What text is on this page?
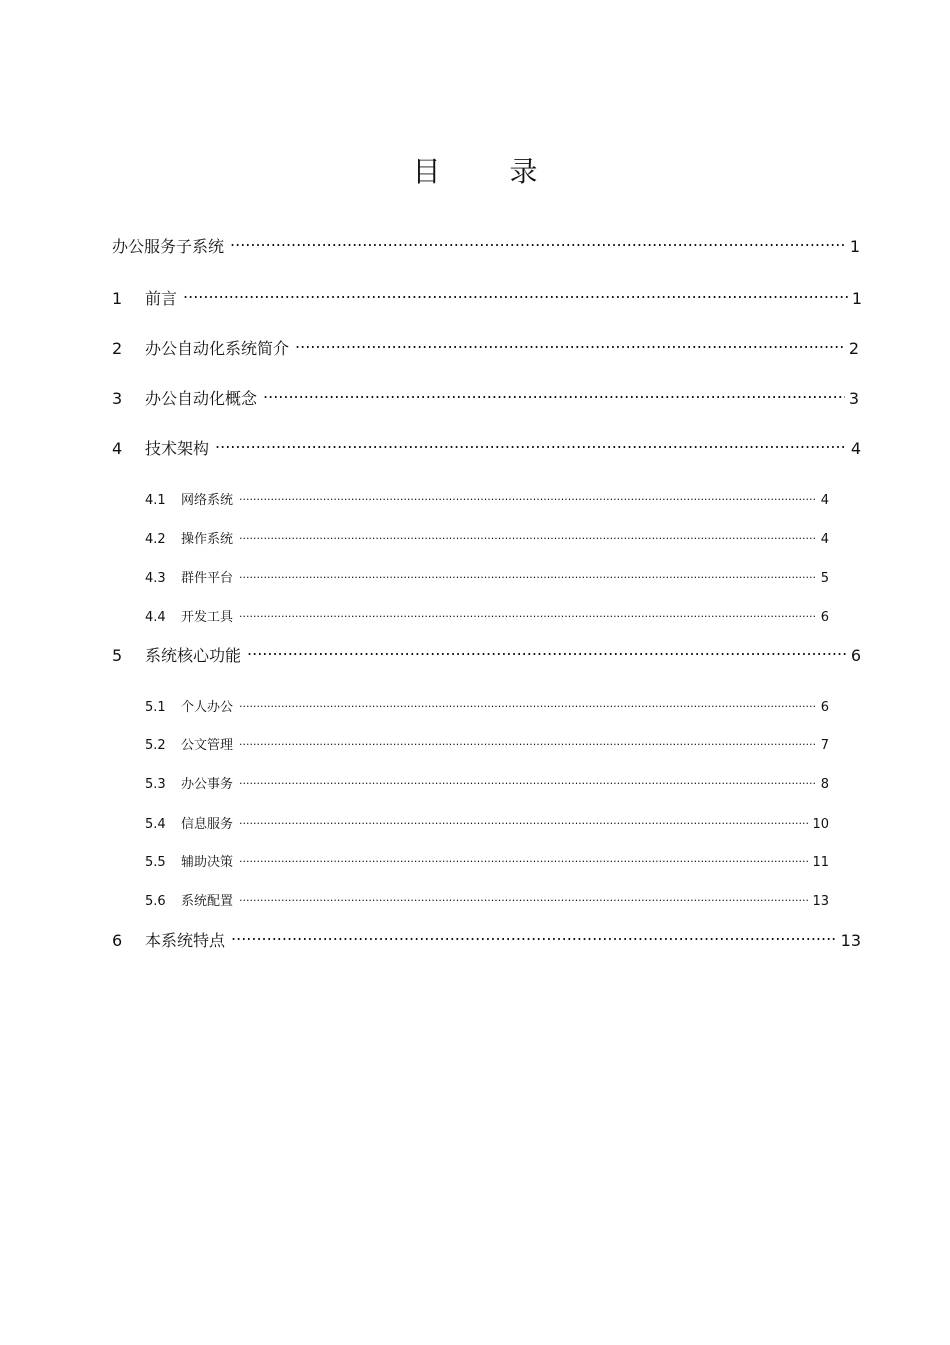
目 录
办公服务子系统 .....	1
1	前言 .....	1
2	办公自动化系统简介 .....	2
3	办公自动化概念 .....	3
4	技术架构 .....	4
4.1	网络系统 .....	4
4.2	操作系统 .....	4
4.3	群件平台 .....	5
4.4	开发工具 .....	6
5	系统核心功能 .....	6
5.1	个人办公 .....	6
5.2	公文管理 .....	7
5.3	办公事务 .....	8
5.4	信息服务 .....	10
5.5	辅助决策 .....	11
5.6	系统配置 .....	13
6	本系统特点 .....	13
